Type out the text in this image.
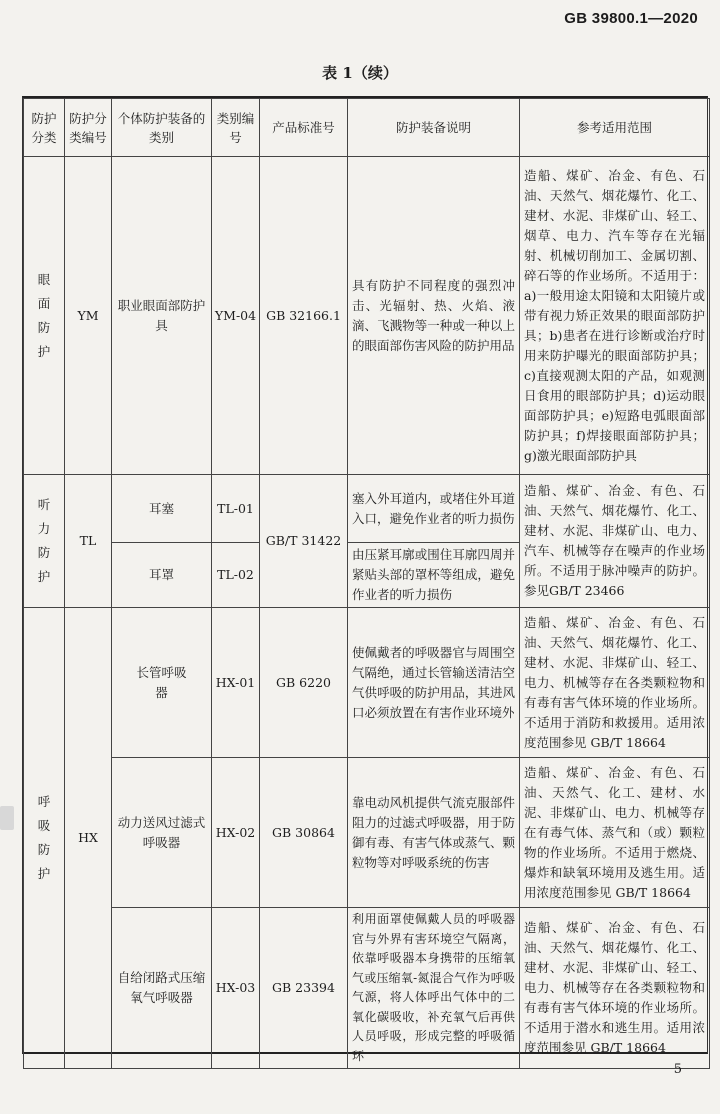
GB 39800.1—2020
表 1（续）
防护分类	防护分类编号	个体防护装备的类别	类别编号	产品标准号	防护装备说明	参考适用范围
眼面防护	YM	职业眼面部防护具	YM-04	GB 32166.1	具有防护不同程度的强烈冲击、光辐射、热、火焰、液滴、飞溅物等一种或一种以上的眼面部伤害风险的防护用品	造船、煤矿、冶金、有色、石油、天然气、烟花爆竹、化工、建材、水泥、非煤矿山、轻工、烟草、电力、汽车等存在光辐射、机械切削加工、金属切割、碎石等的作业场所。不适用于：a)一般用途太阳镜和太阳镜片或带有视力矫正效果的眼面部防护具；b)患者在进行诊断或治疗时用来防护曝光的眼面部防护具；c)直接观测太阳的产品，如观测日食用的眼部防护具；d)运动眼面部防护具；e)短路电弧眼面部防护具；f)焊接眼面部防护具；g)激光眼面部防护具
听力防护	TL	耳塞	TL-01	GB/T 31422	塞入外耳道内，或堵住外耳道入口，避免作业者的听力损伤	造船、煤矿、冶金、有色、石油、天然气、烟花爆竹、化工、建材、水泥、非煤矿山、电力、汽车、机械等存在噪声的作业场所。不适用于脉冲噪声的防护。参见GB/T 23466
		耳罩	TL-02		由压紧耳廓或围住耳廓四周并紧贴头部的罩杯等组成，避免作业者的听力损伤	
呼吸防护	HX	长管呼吸器	HX-01	GB 6220	使佩戴者的呼吸器官与周围空气隔绝，通过长管输送清洁空气供呼吸的防护用品，其进风口必须放置在有害作业环境外	造船、煤矿、冶金、有色、石油、天然气、烟花爆竹、化工、建材、水泥、非煤矿山、轻工、电力、机械等存在各类颗粒物和有毒有害气体环境的作业场所。不适用于消防和救援用。适用浓度范围参见 GB/T 18664
		动力送风过滤式呼吸器	HX-02	GB 30864	靠电动风机提供气流克服部件阻力的过滤式呼吸器，用于防御有毒、有害气体或蒸气、颗粒物等对呼吸系统的伤害	造船、煤矿、冶金、有色、石油、天然气、化工、建材、水泥、非煤矿山、电力、机械等存在有毒气体、蒸气和（或）颗粒物的作业场所。不适用于燃烧、爆炸和缺氧环境用及逃生用。适用浓度范围参见 GB/T 18664
		自给闭路式压缩氧气呼吸器	HX-03	GB 23394	利用面罩使佩戴人员的呼吸器官与外界有害环境空气隔离，依靠呼吸器本身携带的压缩氧气或压缩氧-氮混合气作为呼吸气源，将人体呼出气体中的二氧化碳吸收，补充氧气后再供人员呼吸，形成完整的呼吸循环	造船、煤矿、冶金、有色、石油、天然气、烟花爆竹、化工、建材、水泥、非煤矿山、轻工、电力、机械等存在各类颗粒物和有毒有害气体环境的作业场所。不适用于潜水和逃生用。适用浓度范围参见 GB/T 18664
5
